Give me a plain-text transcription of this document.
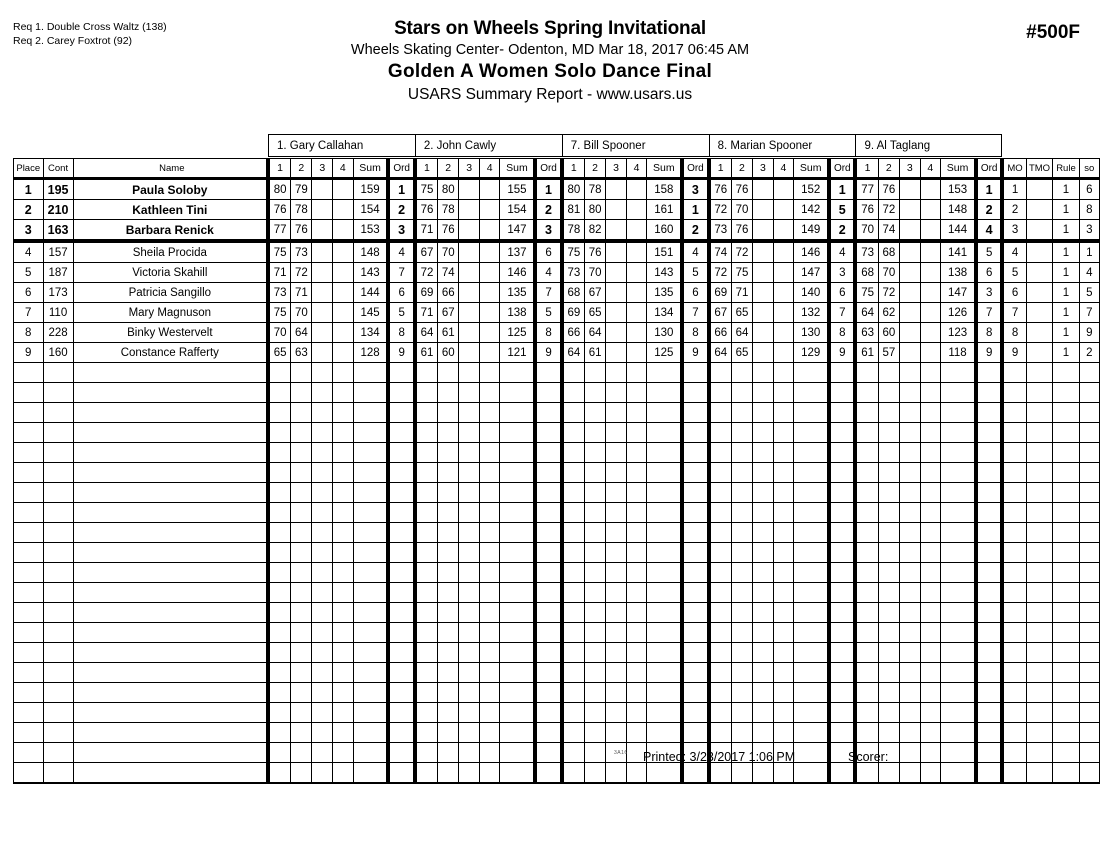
Req 1. Double Cross Waltz (138)
Req 2. Carey Foxtrot (92)
Stars on Wheels Spring Invitational
Wheels Skating Center- Odenton, MD Mar 18, 2017 06:45 AM
Golden A Women Solo Dance Final
USARS Summary Report - www.usars.us
#500F
1. Gary Callahan	2. John Cawly	7. Bill Spooner	8. Marian Spooner	9. Al Taglang
Place	Cont	Name	1	2	3	4	Sum	Ord	1	2	3	4	Sum	Ord	1	2	3	4	Sum	Ord	1	2	3	4	Sum	Ord	1	2	3	4	Sum	Ord	MO	TMO	Rule	so
1	195	Paula Soloby	80	79			159	1	75	80			155	1	80	78			158	3	76	76			152	1	77	76			153	1	1		1	6
2	210	Kathleen Tini	76	78			154	2	76	78			154	2	81	80			161	1	72	70			142	5	76	72			148	2	2		1	8
3	163	Barbara Renick	77	76			153	3	71	76			147	3	78	82			160	2	73	76			149	2	70	74			144	4	3		1	3
4	157	Sheila Procida	75	73			148	4	67	70			137	6	75	76			151	4	74	72			146	4	73	68			141	5	4		1	1
5	187	Victoria Skahill	71	72			143	7	72	74			146	4	73	70			143	5	72	75			147	3	68	70			138	6	5		1	4
6	173	Patricia Sangillo	73	71			144	6	69	66			135	7	68	67			135	6	69	71			140	6	75	72			147	3	6		1	5
7	110	Mary Magnuson	75	70			145	5	71	67			138	5	69	65			134	7	67	65			132	7	64	62			126	7	7		1	7
8	228	Binky Westervelt	70	64			134	8	64	61			125	8	66	64			130	8	66	64			130	8	63	60			123	8	8		1	9
9	160	Constance Rafferty	65	63			128	9	61	60			121	9	64	61			125	9	64	65			129	9	61	57			118	9	9		1	2

3A16 Printed: 3/23/2017 1:06 PM	Scorer:
